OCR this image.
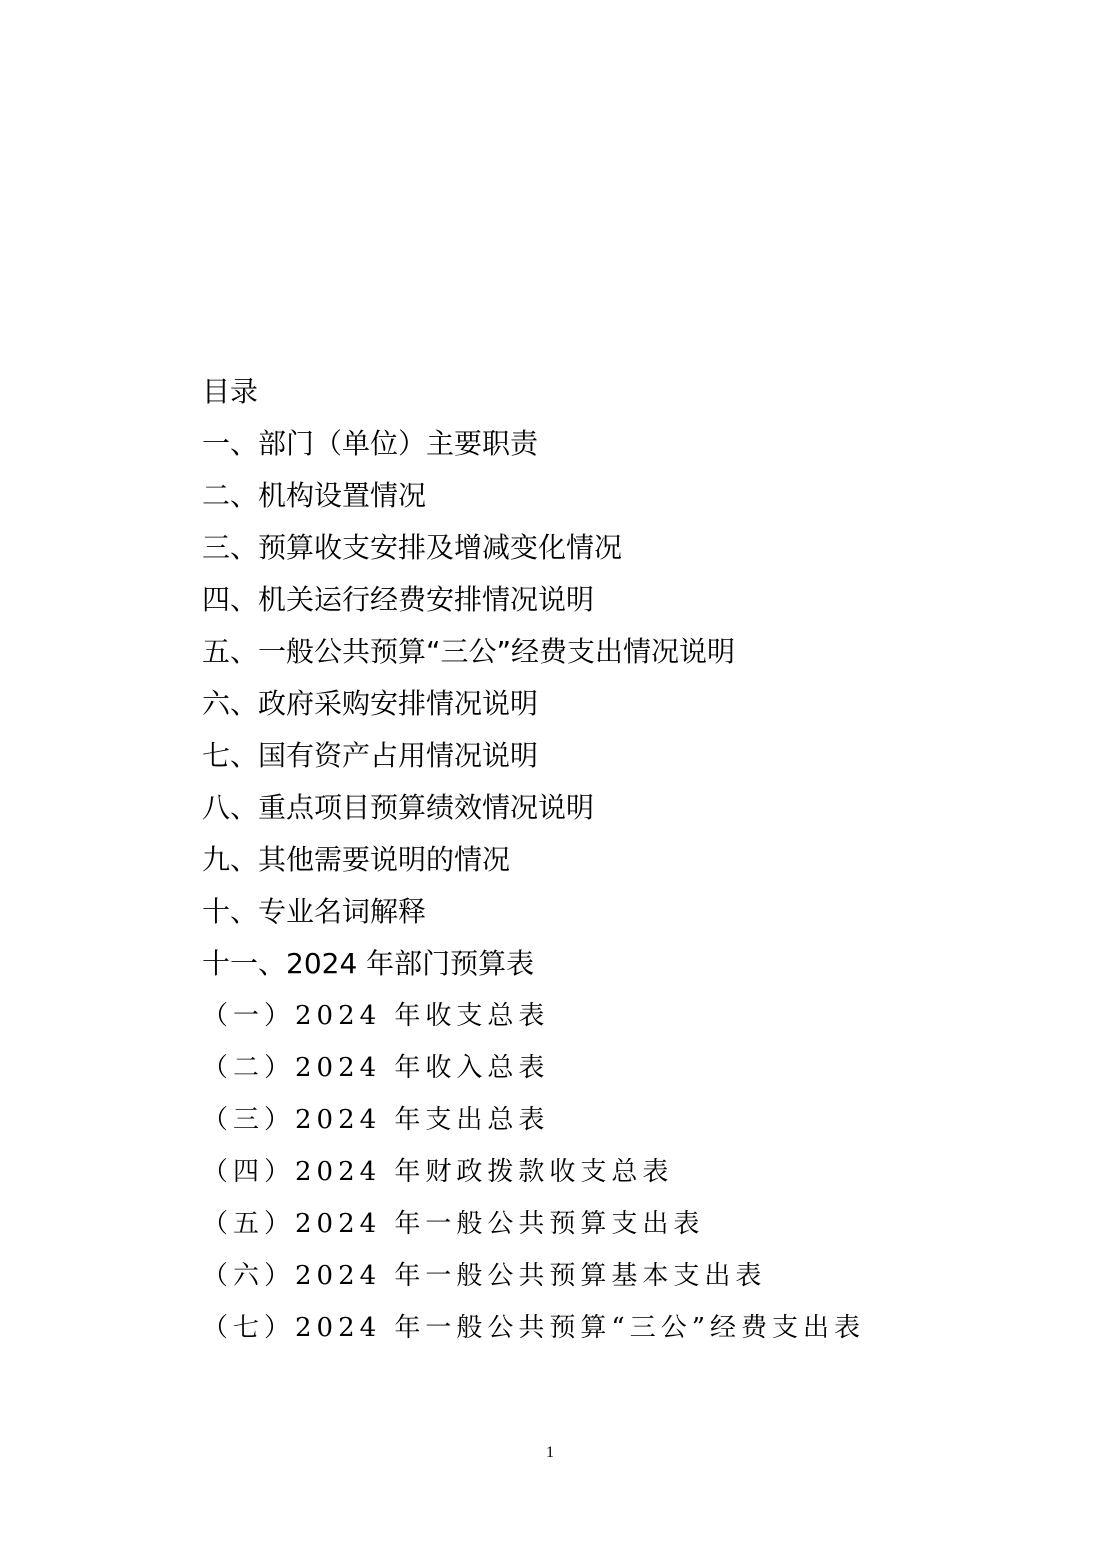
目录
一、部门（单位）主要职责
二、机构设置情况
三、预算收支安排及增减变化情况
四、机关运行经费安排情况说明
五、一般公共预算“三公”经费支出情况说明
六、政府采购安排情况说明
七、国有资产占用情况说明
八、重点项目预算绩效情况说明
九、其他需要说明的情况
十、专业名词解释
十一、2024 年部门预算表
（一）2024 年收支总表
（二）2024 年收入总表
（三）2024 年支出总表
（四）2024 年财政拨款收支总表
（五）2024 年一般公共预算支出表
（六）2024 年一般公共预算基本支出表
（七）2024 年一般公共预算“三公”经费支出表
1
